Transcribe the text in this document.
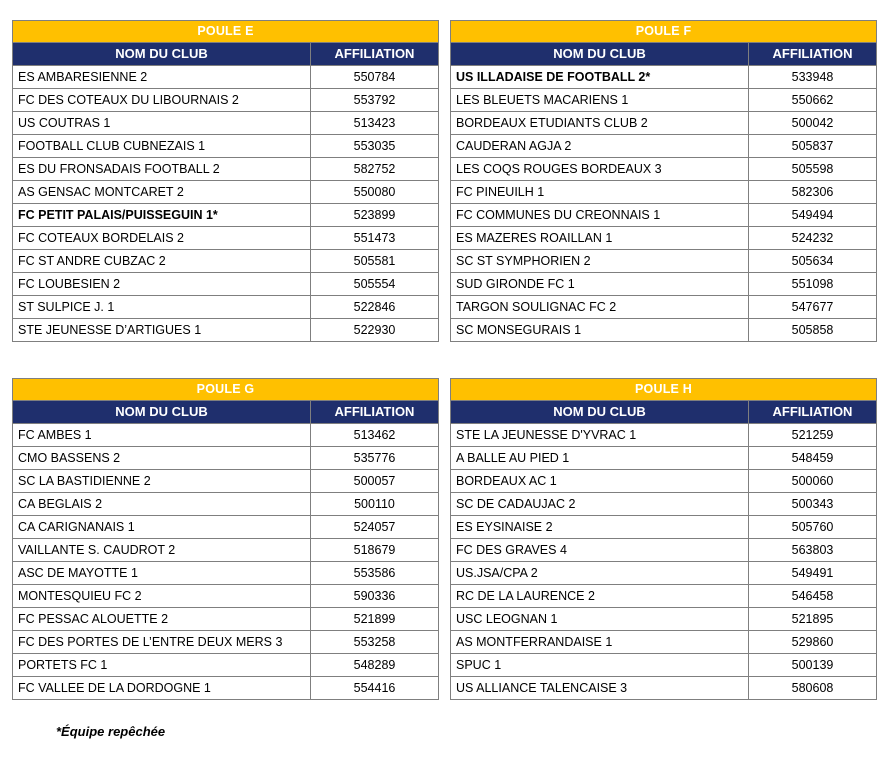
POULE E	
NOM DU CLUB	AFFILIATION
ES AMBARESIENNE 2	550784
FC DES COTEAUX DU LIBOURNAIS 2	553792
US COUTRAS 1	513423
FOOTBALL CLUB CUBNEZAIS 1	553035
ES DU FRONSADAIS FOOTBALL 2	582752
AS GENSAC MONTCARET 2	550080
FC PETIT PALAIS/PUISSEGUIN 1*	523899
FC COTEAUX BORDELAIS 2	551473
FC ST ANDRE CUBZAC 2	505581
FC LOUBESIEN 2	505554
ST SULPICE J. 1	522846
STE JEUNESSE D’ARTIGUES 1	522930
POULE F	
NOM DU CLUB	AFFILIATION
US ILLADAISE DE FOOTBALL 2*	533948
LES BLEUETS MACARIENS 1	550662
BORDEAUX ETUDIANTS CLUB 2	500042
CAUDERAN AGJA 2	505837
LES COQS ROUGES BORDEAUX 3	505598
FC PINEUILH 1	582306
FC COMMUNES DU CREONNAIS 1	549494
ES MAZERES ROAILLAN 1	524232
SC ST SYMPHORIEN 2	505634
SUD GIRONDE FC 1	551098
TARGON SOULIGNAC FC 2	547677
SC MONSEGURAIS 1	505858
POULE G	
NOM DU CLUB	AFFILIATION
FC AMBES 1	513462
CMO BASSENS 2	535776
SC LA BASTIDIENNE 2	500057
CA BEGLAIS 2	500110
CA CARIGNANAIS 1	524057
VAILLANTE S. CAUDROT 2	518679
ASC DE MAYOTTE 1	553586
MONTESQUIEU FC 2	590336
FC PESSAC ALOUETTE 2	521899
FC DES PORTES DE L’ENTRE DEUX MERS 3	553258
PORTETS FC 1	548289
FC VALLEE DE LA DORDOGNE 1	554416
POULE H	
NOM DU CLUB	AFFILIATION
STE LA JEUNESSE D'YVRAC 1	521259
A BALLE AU PIED 1	548459
BORDEAUX AC 1	500060
SC DE CADAUJAC 2	500343
ES EYSINAISE 2	505760
FC DES GRAVES 4	563803
US.JSA/CPA 2	549491
RC DE LA LAURENCE 2	546458
USC LEOGNAN 1	521895
AS MONTFERRANDAISE 1	529860
SPUC 1	500139
US ALLIANCE TALENCAISE 3	580608
*Équipe repêchée
